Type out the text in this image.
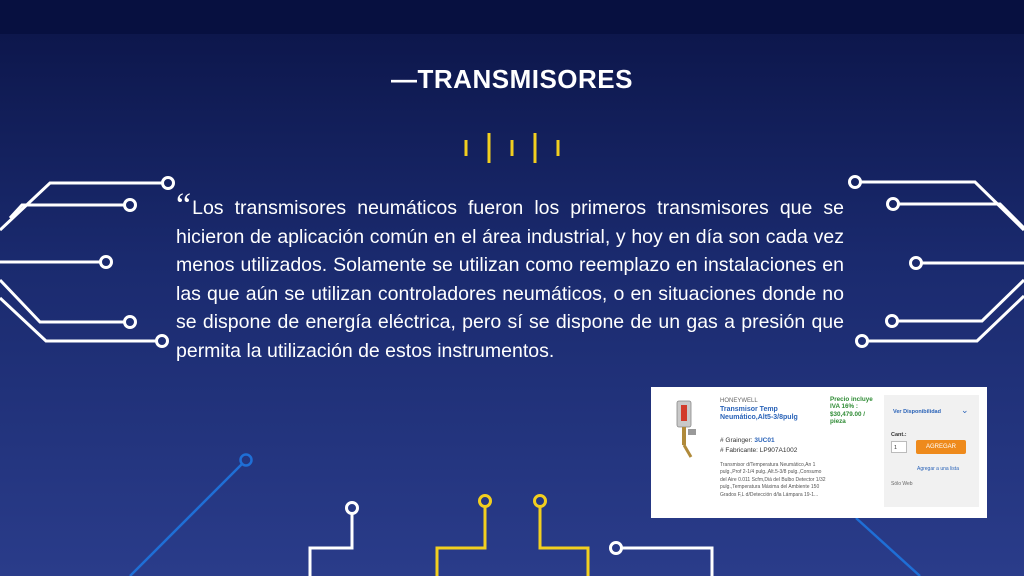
—TRANSMISORES
“Los transmisores neumáticos fueron los primeros transmisores que se hicieron de aplicación común en el área industrial, y hoy en día son cada vez menos utilizados. Solamente se utilizan como reemplazo en instalaciones en las que aún se utilizan controladores neumáticos, o en situaciones donde no se dispone de energía eléctrica, pero sí se dispone de un gas a presión que permita la utilización de estos instrumentos.
HONEYWELL
Transmisor Temp Neumático,Alt5-3/8pulg
# Grainger: 3UC01
# Fabricante: LP907A1002
Transmisor d/Temperatura Neumático,An 1 pulg.,Prof 2-1/4 pulg.,Alt.5-3/8 pulg.,Consumo del Aire 0.011 Scfm,Diá del Bulbo Detector 1/32 pulg.,Temperatura Máxima del Ambiente 150 Grados F,L d/Detección d/la Lámpara 19-1...
Precio incluye IVA 16% : $30,479.00 / pieza
Ver Disponibilidad ⌄
Cant.:
1	AGREGAR
Agregar a una lista
Sólo Web
